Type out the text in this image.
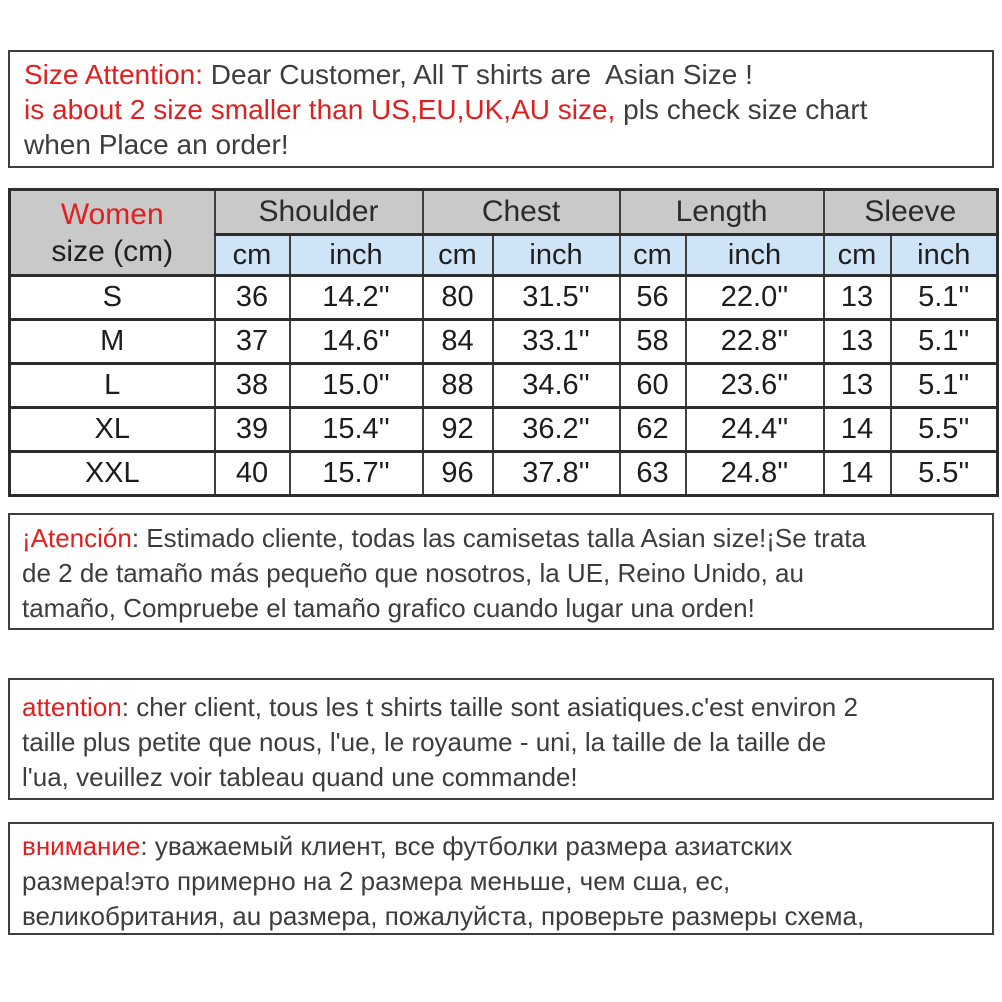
Size Attention: Dear Customer, All T shirts are  Asian Size !
is about 2 size smaller than US,EU,UK,AU size, pls check size chart
when Place an order!
Women
size (cm)	Shoulder		Chest		Length		Sleeve	
	cm	inch	cm	inch	cm	inch	cm	inch
S	36	14.2''	80	31.5''	56	22.0''	13	5.1''
M	37	14.6''	84	33.1''	58	22.8''	13	5.1''
L	38	15.0''	88	34.6''	60	23.6''	13	5.1''
XL	39	15.4''	92	36.2''	62	24.4''	14	5.5''
XXL	40	15.7''	96	37.8''	63	24.8''	14	5.5''
¡Atención: Estimado cliente, todas las camisetas talla Asian size!¡Se trata
de 2 de tamaño más pequeño que nosotros, la UE, Reino Unido, au
tamaño, Compruebe el tamaño grafico cuando lugar una orden!
attention: cher client, tous les t shirts taille sont asiatiques.c'est environ 2
taille plus petite que nous, l'ue, le royaume - uni, la taille de la taille de
l'ua, veuillez voir tableau quand une commande!
внимание: уважаемый клиент, все футболки размера азиатских
размера!это примерно на 2 размера меньше, чем сша, ес,
великобритания, au размера, пожалуйста, проверьте размеры схема,
